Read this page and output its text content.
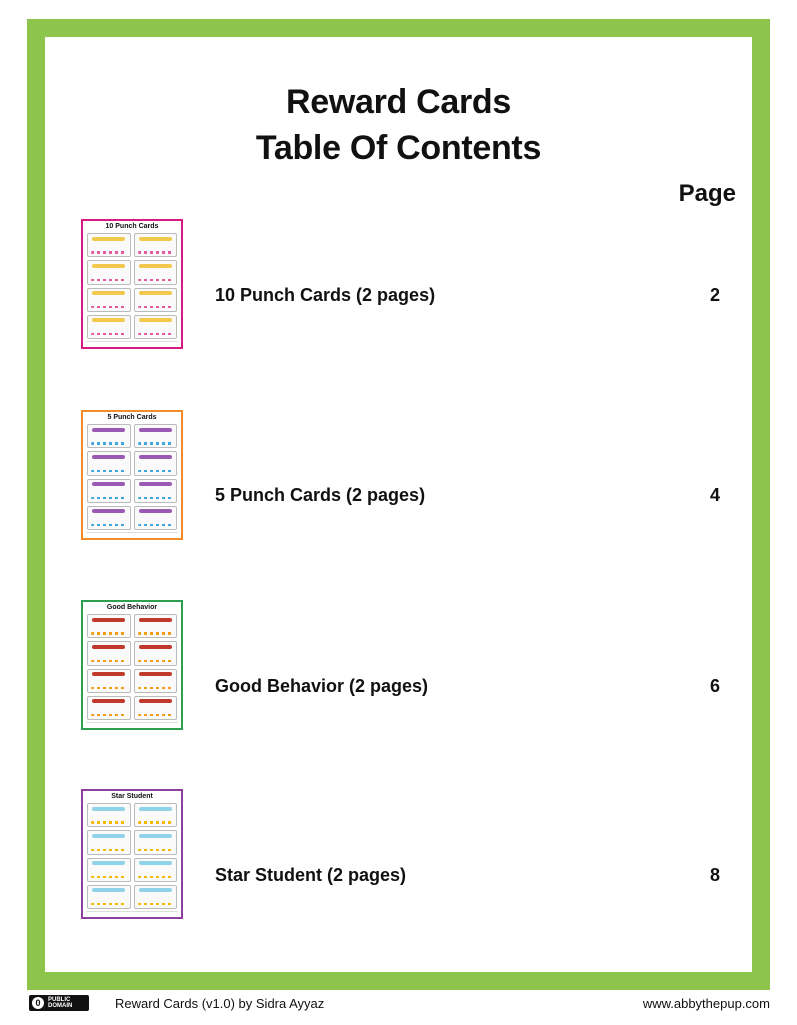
Reward Cards
Table Of Contents
Page
10 Punch Cards
10 Punch Cards (2 pages)	2
5 Punch Cards
5 Punch Cards (2 pages)	4
Good Behavior
Good Behavior (2 pages)	6
Star Student
Star Student (2 pages)	8
0	PUBLIC
DOMAIN	Reward Cards (v1.0) by Sidra Ayyaz	www.abbythepup.com
